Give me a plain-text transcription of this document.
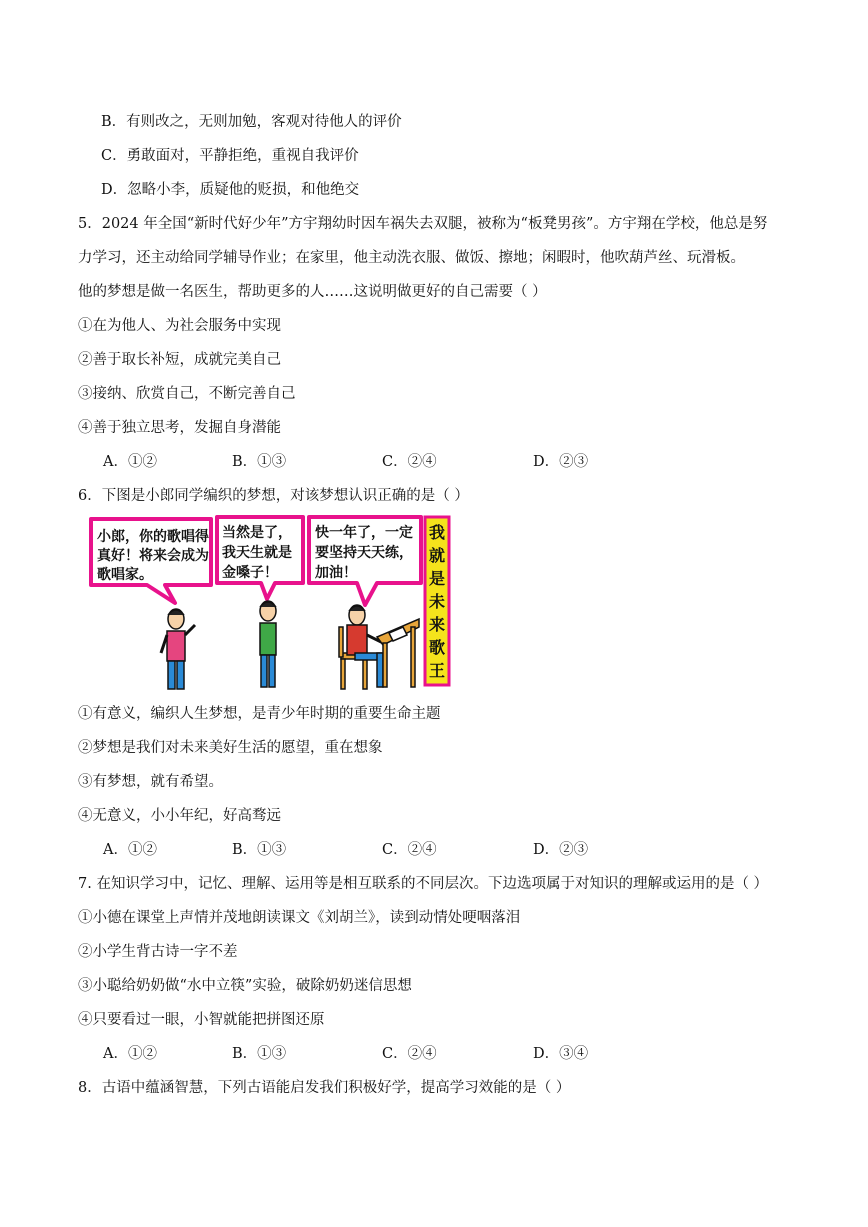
B．有则改之，无则加勉，客观对待他人的评价
C．勇敢面对，平静拒绝，重视自我评价
D．忽略小李，质疑他的贬损，和他绝交
5．2024 年全国“新时代好少年”方宇翔幼时因车祸失去双腿，被称为“板凳男孩”。方宇翔在学校，他总是努
力学习，还主动给同学辅导作业；在家里，他主动洗衣服、做饭、擦地；闲暇时，他吹葫芦丝、玩滑板。
他的梦想是做一名医生，帮助更多的人……这说明做更好的自己需要（ ）
①在为他人、为社会服务中实现
②善于取长补短，成就完美自己
③接纳、欣赏自己，不断完善自己
④善于独立思考，发掘自身潜能
A．①②	B．①③	C．②④	D．②③
6．下图是小郎同学编织的梦想，对该梦想认识正确的是（ ）
小郎，你的歌唱得
真好！将来会成为
歌唱家。
当然是了，
我天生就是
金嗓子！
快一年了，一定
要坚持天天练，
加油！
我
就
是
未
来
歌
王
①有意义，编织人生梦想，是青少年时期的重要生命主题
②梦想是我们对未来美好生活的愿望，重在想象
③有梦想，就有希望。
④无意义，小小年纪，好高骛远
A．①②	B．①③	C．②④	D．②③
7. 在知识学习中，记忆、理解、运用等是相互联系的不同层次。下边选项属于对知识的理解或运用的是（ ）
①小德在课堂上声情并茂地朗读课文《刘胡兰》，读到动情处哽咽落泪
②小学生背古诗一字不差
③小聪给奶奶做“水中立筷”实验，破除奶奶迷信思想
④只要看过一眼，小智就能把拼图还原
A．①②	B．①③	C．②④	D．③④
8．古语中蕴涵智慧，下列古语能启发我们积极好学，提高学习效能的是（ ）
